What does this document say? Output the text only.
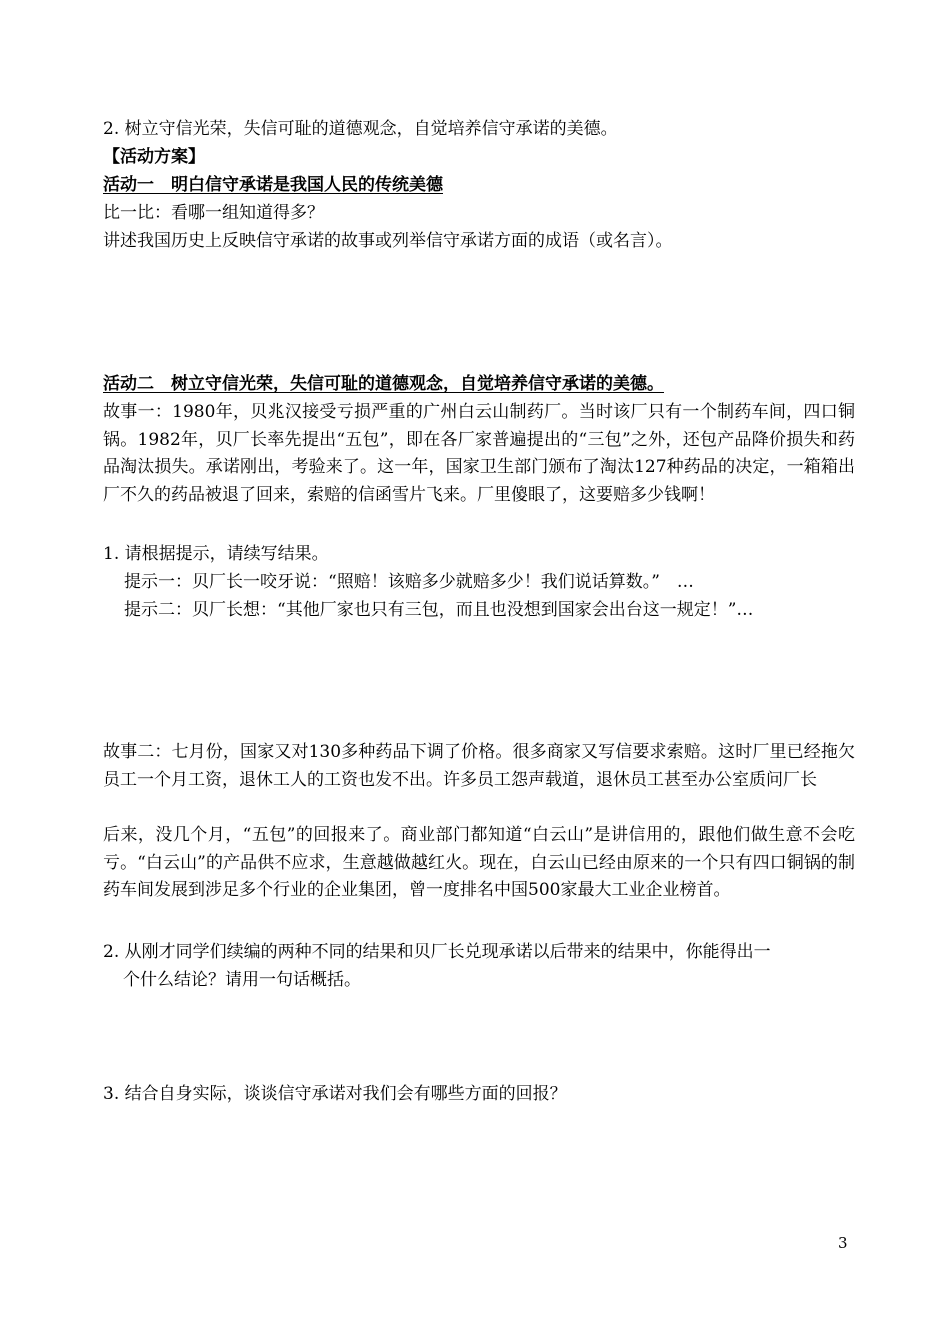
2. 树立守信光荣，失信可耻的道德观念，自觉培养信守承诺的美德。
【活动方案】
活动一　明白信守承诺是我国人民的传统美德
比一比：看哪一组知道得多？
讲述我国历史上反映信守承诺的故事或列举信守承诺方面的成语（或名言）。
活动二　树立守信光荣，失信可耻的道德观念，自觉培养信守承诺的美德。
故事一：1980年，贝兆汉接受亏损严重的广州白云山制药厂。当时该厂只有一个制药车间，四口铜锅。1982年，贝厂长率先提出“五包”，即在各厂家普遍提出的“三包”之外，还包产品降价损失和药品淘汰损失。承诺刚出，考验来了。这一年，国家卫生部门颁布了淘汰127种药品的决定，一箱箱出厂不久的药品被退了回来，索赔的信函雪片飞来。厂里傻眼了，这要赔多少钱啊！
1. 请根据提示，请续写结果。
提示一：贝厂长一咬牙说：“照赔！该赔多少就赔多少！我们说话算数。”　…
提示二：贝厂长想：“其他厂家也只有三包，而且也没想到国家会出台这一规定！”…
故事二：七月份，国家又对130多种药品下调了价格。很多商家又写信要求索赔。这时厂里已经拖欠员工一个月工资，退休工人的工资也发不出。许多员工怨声载道，退休员工甚至办公室质问厂长
后来，没几个月，“五包”的回报来了。商业部门都知道“白云山”是讲信用的，跟他们做生意不会吃亏。“白云山”的产品供不应求，生意越做越红火。现在，白云山已经由原来的一个只有四口铜锅的制药车间发展到涉足多个行业的企业集团，曾一度排名中国500家最大工业企业榜首。
2. 从刚才同学们续编的两种不同的结果和贝厂长兑现承诺以后带来的结果中，你能得出一
个什么结论？请用一句话概括。
3. 结合自身实际，谈谈信守承诺对我们会有哪些方面的回报？
3
